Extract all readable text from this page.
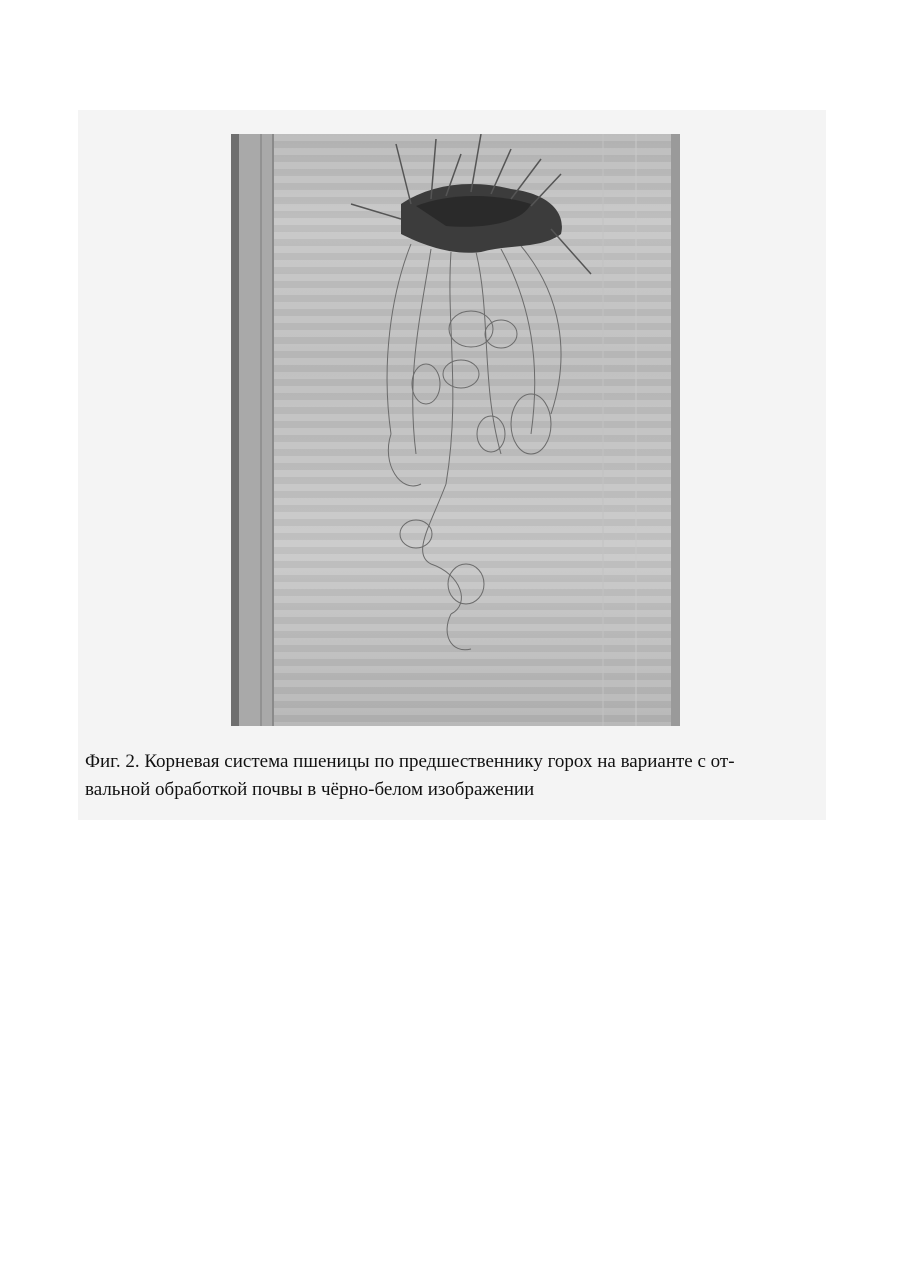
Фиг. 2. Корневая система пшеницы по предшественнику горох на варианте с от-
вальной обработкой почвы в чёрно-белом изображении
